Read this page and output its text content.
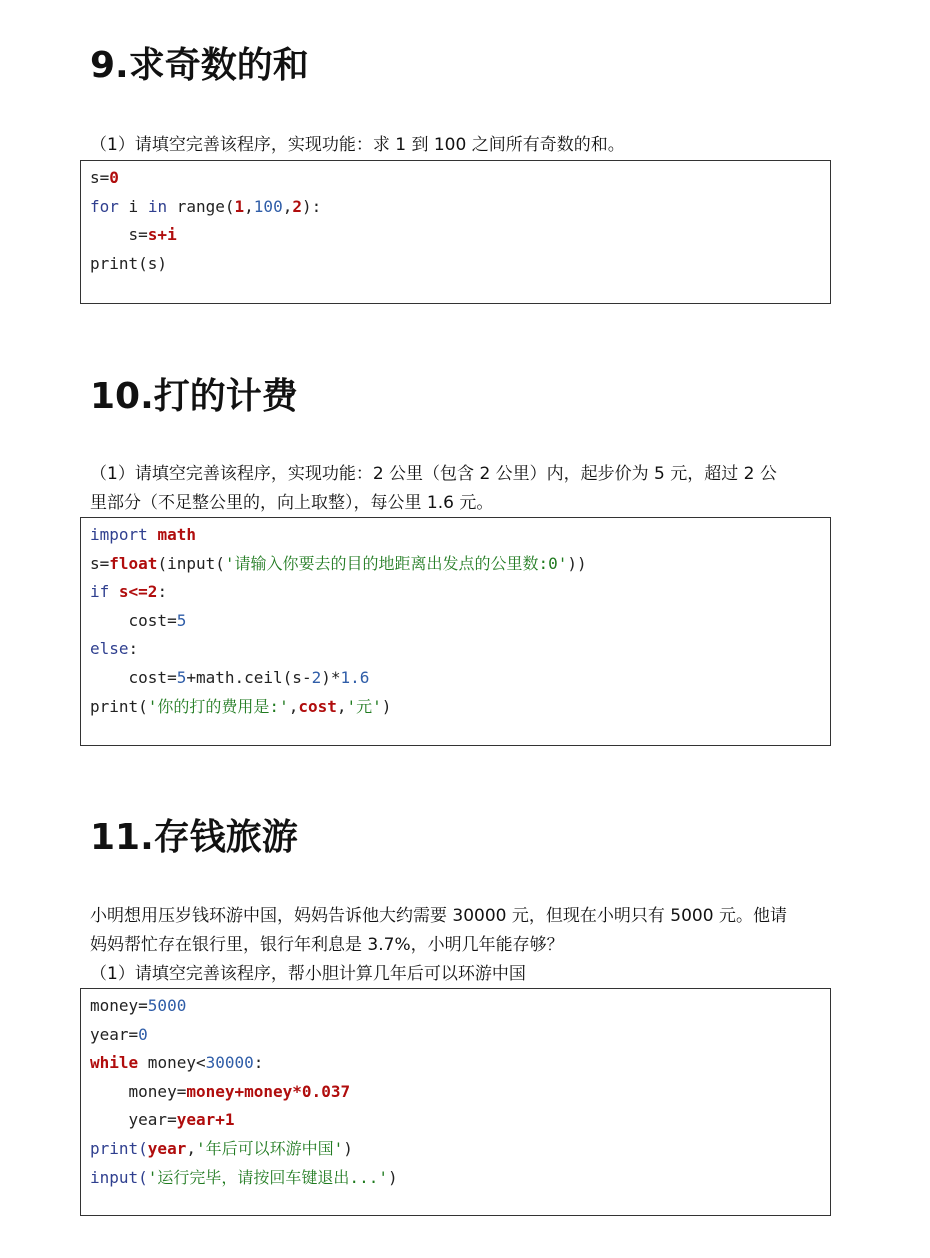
9.求奇数的和
（1）请填空完善该程序，实现功能：求 1 到 100 之间所有奇数的和。
s=0
for i in range(1,100,2):
s=s+i
print(s)
10.打的计费
（1）请填空完善该程序，实现功能：2 公里（包含 2 公里）内，起步价为 5 元，超过 2 公
里部分（不足整公里的，向上取整），每公里 1.6 元。
import math
s=float(input('请输入你要去的目的地距离出发点的公里数:0'))
if s<=2:
cost=5
else:
cost=5+math.ceil(s-2)*1.6
print('你的打的费用是:',cost,'元')
11.存钱旅游
小明想用压岁钱环游中国，妈妈告诉他大约需要 30000 元，但现在小明只有 5000 元。他请
妈妈帮忙存在银行里，银行年利息是 3.7%，小明几年能存够？
（1）请填空完善该程序，帮小胆计算几年后可以环游中国
money=5000
year=0
while money<30000:
money=money+money*0.037
year=year+1
print(year,'年后可以环游中国')
input('运行完毕，请按回车键退出...')
